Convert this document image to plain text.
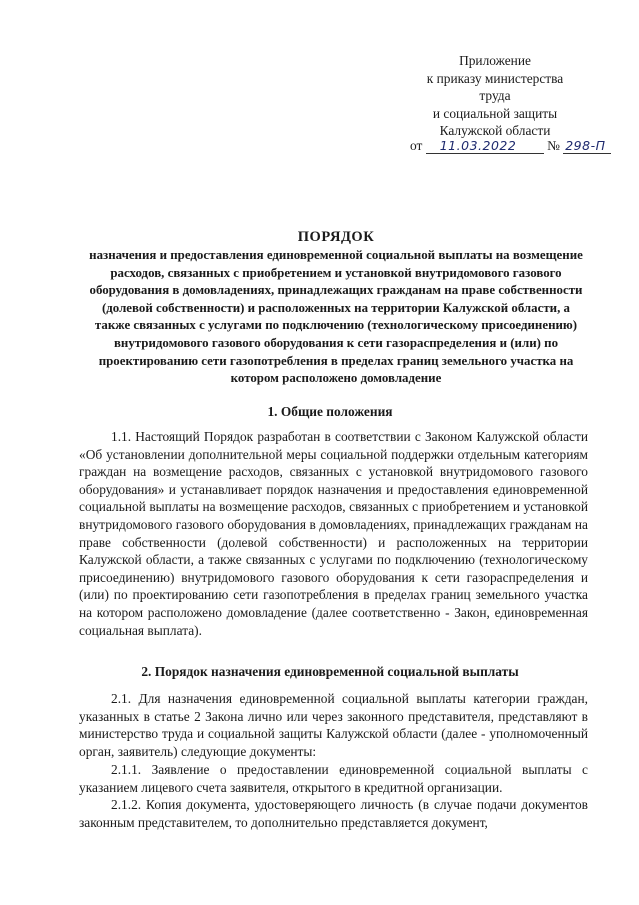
Приложение
к приказу министерства труда
и социальной защиты
Калужской области
от 11.03.2022 № 298-П
ПОРЯДОК
назначения и предоставления единовременной социальной выплаты на возмещение расходов, связанных с приобретением и установкой внутридомового газового оборудования в домовладениях, принадлежащих гражданам на праве собственности (долевой собственности) и расположенных на территории Калужской области, а также связанных с услугами по подключению (технологическому присоединению) внутридомового газового оборудования к сети газораспределения и (или) по проектированию сети газопотребления в пределах границ земельного участка на котором расположено домовладение
1. Общие положения
1.1. Настоящий Порядок разработан в соответствии с Законом Калужской области «Об установлении дополнительной меры социальной поддержки отдельным категориям граждан на возмещение расходов, связанных с установкой внутридомового газового оборудования» и устанавливает порядок назначения и предоставления единовременной социальной выплаты на возмещение расходов, связанных с приобретением и установкой внутридомового газового оборудования в домовладениях, принадлежащих гражданам на праве собственности (долевой собственности) и расположенных на территории Калужской области, а также связанных с услугами по подключению (технологическому присоединению) внутридомового газового оборудования к сети газораспределения и (или) по проектированию сети газопотребления в пределах границ земельного участка на котором расположено домовладение (далее соответственно - Закон, единовременная социальная выплата).
2. Порядок назначения единовременной социальной выплаты
2.1. Для назначения единовременной социальной выплаты категории граждан, указанных в статье 2 Закона лично или через законного представителя, представляют в министерство труда и социальной защиты Калужской области (далее - уполномоченный орган, заявитель) следующие документы:
2.1.1. Заявление о предоставлении единовременной социальной выплаты с указанием лицевого счета заявителя, открытого в кредитной организации.
2.1.2. Копия документа, удостоверяющего личность (в случае подачи документов законным представителем, то дополнительно представляется документ,
